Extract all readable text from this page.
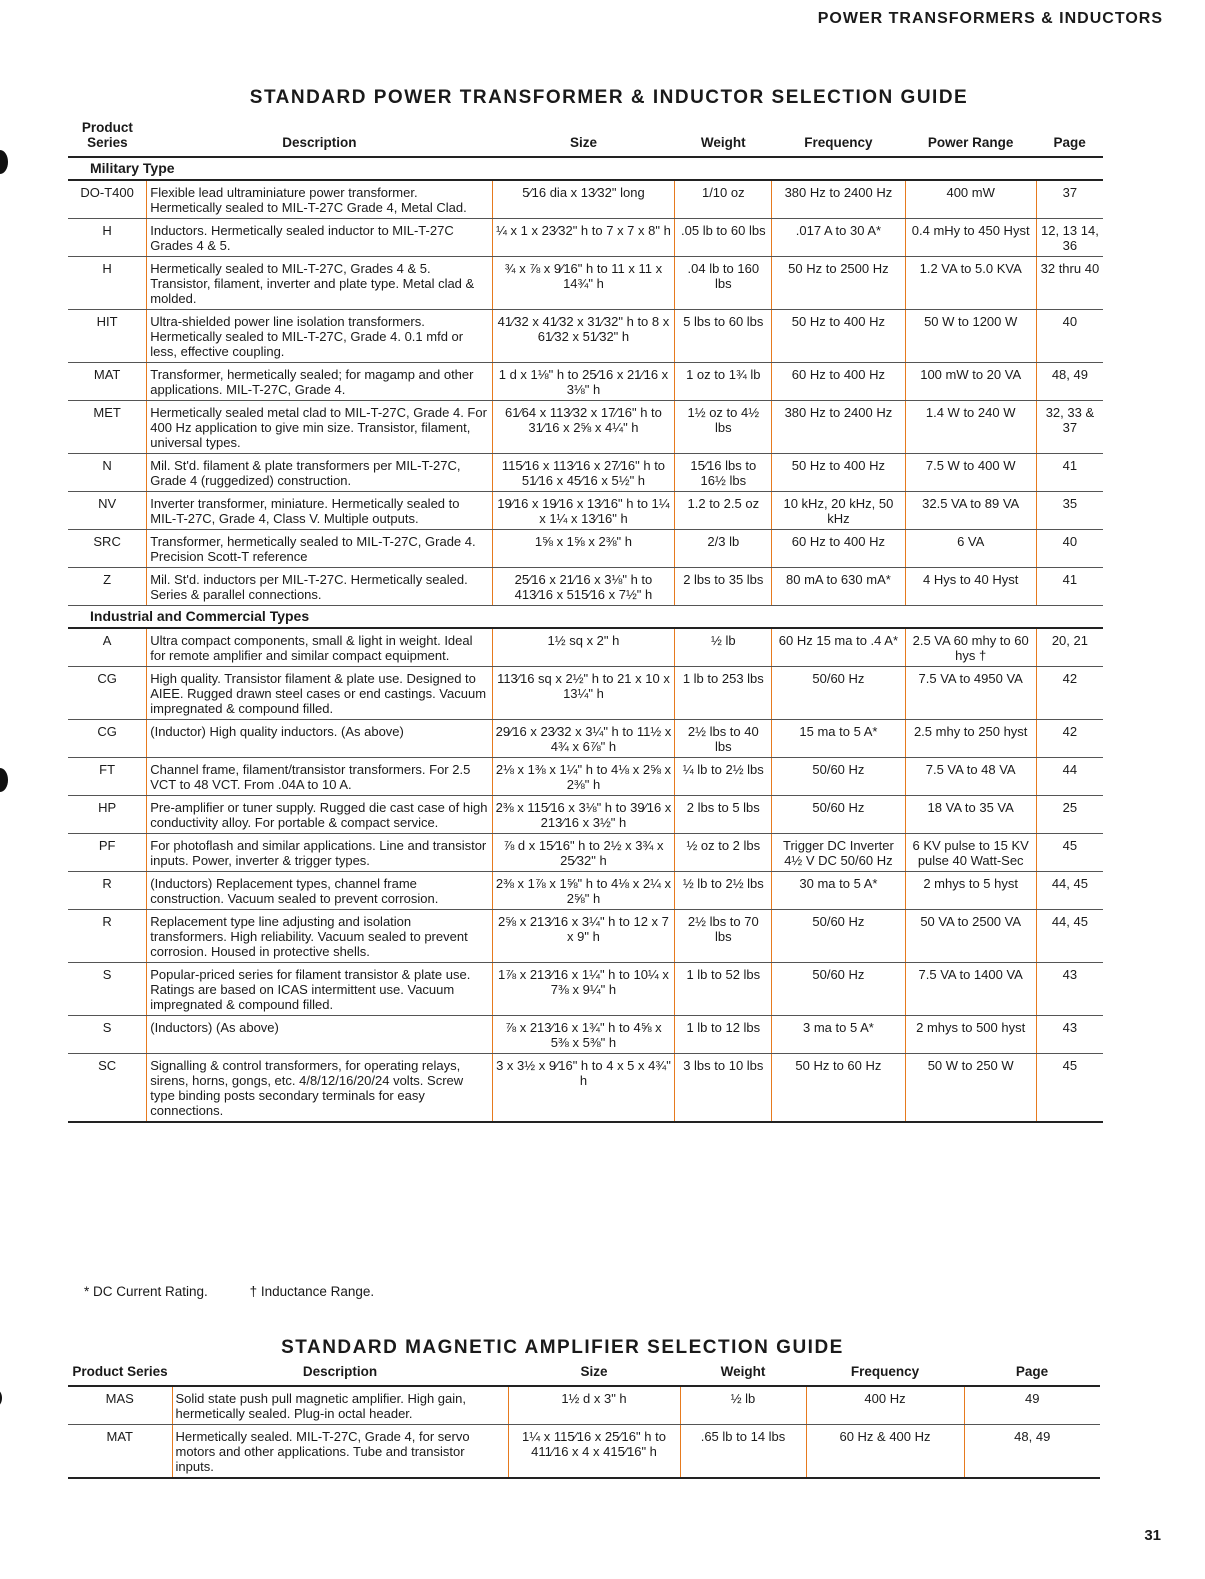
POWER TRANSFORMERS & INDUCTORS
STANDARD POWER TRANSFORMER & INDUCTOR SELECTION GUIDE
Product Series	Description	Size	Weight	Frequency	Power Range	Page
Military Type						
DO-T400	Flexible lead ultraminiature power transformer. Hermetically sealed to MIL-T-27C Grade 4, Metal Clad.	5⁄16 dia x 13⁄32" long	1/10 oz	380 Hz to 2400 Hz	400 mW	37
H	Inductors. Hermetically sealed inductor to MIL-T-27C Grades 4 & 5.	¼ x 1 x 23⁄32" h to 7 x 7 x 8" h	.05 lb to 60 lbs	.017 A to 30 A*	0.4 mHy to 450 Hyst	12, 13 14, 36
H	Hermetically sealed to MIL-T-27C, Grades 4 & 5. Transistor, filament, inverter and plate type. Metal clad & molded.	¾ x ⅞ x 9⁄16" h to 11 x 11 x 14¾" h	.04 lb to 160 lbs	50 Hz to 2500 Hz	1.2 VA to 5.0 KVA	32 thru 40
HIT	Ultra-shielded power line isolation transformers. Hermetically sealed to MIL-T-27C, Grade 4. 0.1 mfd or less, effective coupling.	41⁄32 x 41⁄32 x 31⁄32" h to 8 x 61⁄32 x 51⁄32" h	5 lbs to 60 lbs	50 Hz to 400 Hz	50 W to 1200 W	40
MAT	Transformer, hermetically sealed; for magamp and other applications. MIL-T-27C, Grade 4.	1 d x 1⅛" h to 25⁄16 x 21⁄16 x 3⅛" h	1 oz to 1¾ lb	60 Hz to 400 Hz	100 mW to 20 VA	48, 49
MET	Hermetically sealed metal clad to MIL-T-27C, Grade 4. For 400 Hz application to give min size. Transistor, filament, universal types.	61⁄64 x 113⁄32 x 17⁄16" h to 31⁄16 x 2⅝ x 4¼" h	1½ oz to 4½ lbs	380 Hz to 2400 Hz	1.4 W to 240 W	32, 33 & 37
N	Mil. St'd. filament & plate transformers per MIL-T-27C, Grade 4 (ruggedized) construction.	115⁄16 x 113⁄16 x 27⁄16" h to 51⁄16 x 45⁄16 x 5½" h	15⁄16 lbs to 16½ lbs	50 Hz to 400 Hz	7.5 W to 400 W	41
NV	Inverter transformer, miniature. Hermetically sealed to MIL-T-27C, Grade 4, Class V. Multiple outputs.	19⁄16 x 19⁄16 x 13⁄16" h to 1¼ x 1¼ x 13⁄16" h	1.2 to 2.5 oz	10 kHz, 20 kHz, 50 kHz	32.5 VA to 89 VA	35
SRC	Transformer, hermetically sealed to MIL-T-27C, Grade 4. Precision Scott-T reference	1⅝ x 1⅝ x 2⅜" h	2/3 lb	60 Hz to 400 Hz	6 VA	40
Z	Mil. St'd. inductors per MIL-T-27C. Hermetically sealed. Series & parallel connections.	25⁄16 x 21⁄16 x 3⅛" h to 413⁄16 x 515⁄16 x 7½" h	2 lbs to 35 lbs	80 mA to 630 mA*	4 Hys to 40 Hyst	41
Industrial and Commercial Types						
A	Ultra compact components, small & light in weight. Ideal for remote amplifier and similar compact equipment.	1½ sq x 2" h	½ lb	60 Hz 15 ma to .4 A*	2.5 VA 60 mhy to 60 hys †	20, 21
CG	High quality. Transistor filament & plate use. Designed to AIEE. Rugged drawn steel cases or end castings. Vacuum impregnated & compound filled.	113⁄16 sq x 2½" h to 21 x 10 x 13¼" h	1 lb to 253 lbs	50/60 Hz	7.5 VA to 4950 VA	42
CG	(Inductor) High quality inductors. (As above)	29⁄16 x 23⁄32 x 3¼" h to 11½ x 4¾ x 6⅞" h	2½ lbs to 40 lbs	15 ma to 5 A*	2.5 mhy to 250 hyst	42
FT	Channel frame, filament/transistor transformers. For 2.5 VCT to 48 VCT. From .04A to 10 A.	2⅛ x 1⅜ x 1¼" h to 4⅛ x 2⅝ x 2⅜" h	¼ lb to 2½ lbs	50/60 Hz	7.5 VA to 48 VA	44
HP	Pre-amplifier or tuner supply. Rugged die cast case of high conductivity alloy. For portable & compact service.	2⅜ x 115⁄16 x 3⅛" h to 39⁄16 x 213⁄16 x 3½" h	2 lbs to 5 lbs	50/60 Hz	18 VA to 35 VA	25
PF	For photoflash and similar applications. Line and transistor inputs. Power, inverter & trigger types.	⅞ d x 15⁄16" h to 2½ x 3¾ x 25⁄32" h	½ oz to 2 lbs	Trigger DC Inverter 4½ V DC 50/60 Hz	6 KV pulse to 15 KV pulse 40 Watt-Sec	45
R	(Inductors) Replacement types, channel frame construction. Vacuum sealed to prevent corrosion.	2⅜ x 1⅞ x 1⅝" h to 4⅛ x 2¼ x 2⅝" h	½ lb to 2½ lbs	30 ma to 5 A*	2 mhys to 5 hyst	44, 45
R	Replacement type line adjusting and isolation transformers. High reliability. Vacuum sealed to prevent corrosion. Housed in protective shells.	2⅝ x 213⁄16 x 3¼" h to 12 x 7 x 9" h	2½ lbs to 70 lbs	50/60 Hz	50 VA to 2500 VA	44, 45
S	Popular-priced series for filament transistor & plate use. Ratings are based on ICAS intermittent use. Vacuum impregnated & compound filled.	1⅞ x 213⁄16 x 1¼" h to 10¼ x 7⅜ x 9¼" h	1 lb to 52 lbs	50/60 Hz	7.5 VA to 1400 VA	43
S	(Inductors) (As above)	⅞ x 213⁄16 x 1¾" h to 4⅝ x 5⅜ x 5⅜" h	1 lb to 12 lbs	3 ma to 5 A*	2 mhys to 500 hyst	43
SC	Signalling & control transformers, for operating relays, sirens, horns, gongs, etc. 4/8/12/16/20/24 volts. Screw type binding posts secondary terminals for easy connections.	3 x 3½ x 9⁄16" h to 4 x 5 x 4¾" h	3 lbs to 10 lbs	50 Hz to 60 Hz	50 W to 250 W	45
* DC Current Rating.	† Inductance Range.
STANDARD MAGNETIC AMPLIFIER SELECTION GUIDE
Product Series	Description	Size	Weight	Frequency	Page
MAS	Solid state push pull magnetic amplifier. High gain, hermetically sealed. Plug-in octal header.	1½ d x 3" h	½ lb	400 Hz	49
MAT	Hermetically sealed. MIL-T-27C, Grade 4, for servo motors and other applications. Tube and transistor inputs.	1¼ x 115⁄16 x 25⁄16" h to 411⁄16 x 4 x 415⁄16" h	.65 lb to 14 lbs	60 Hz & 400 Hz	48, 49
31
